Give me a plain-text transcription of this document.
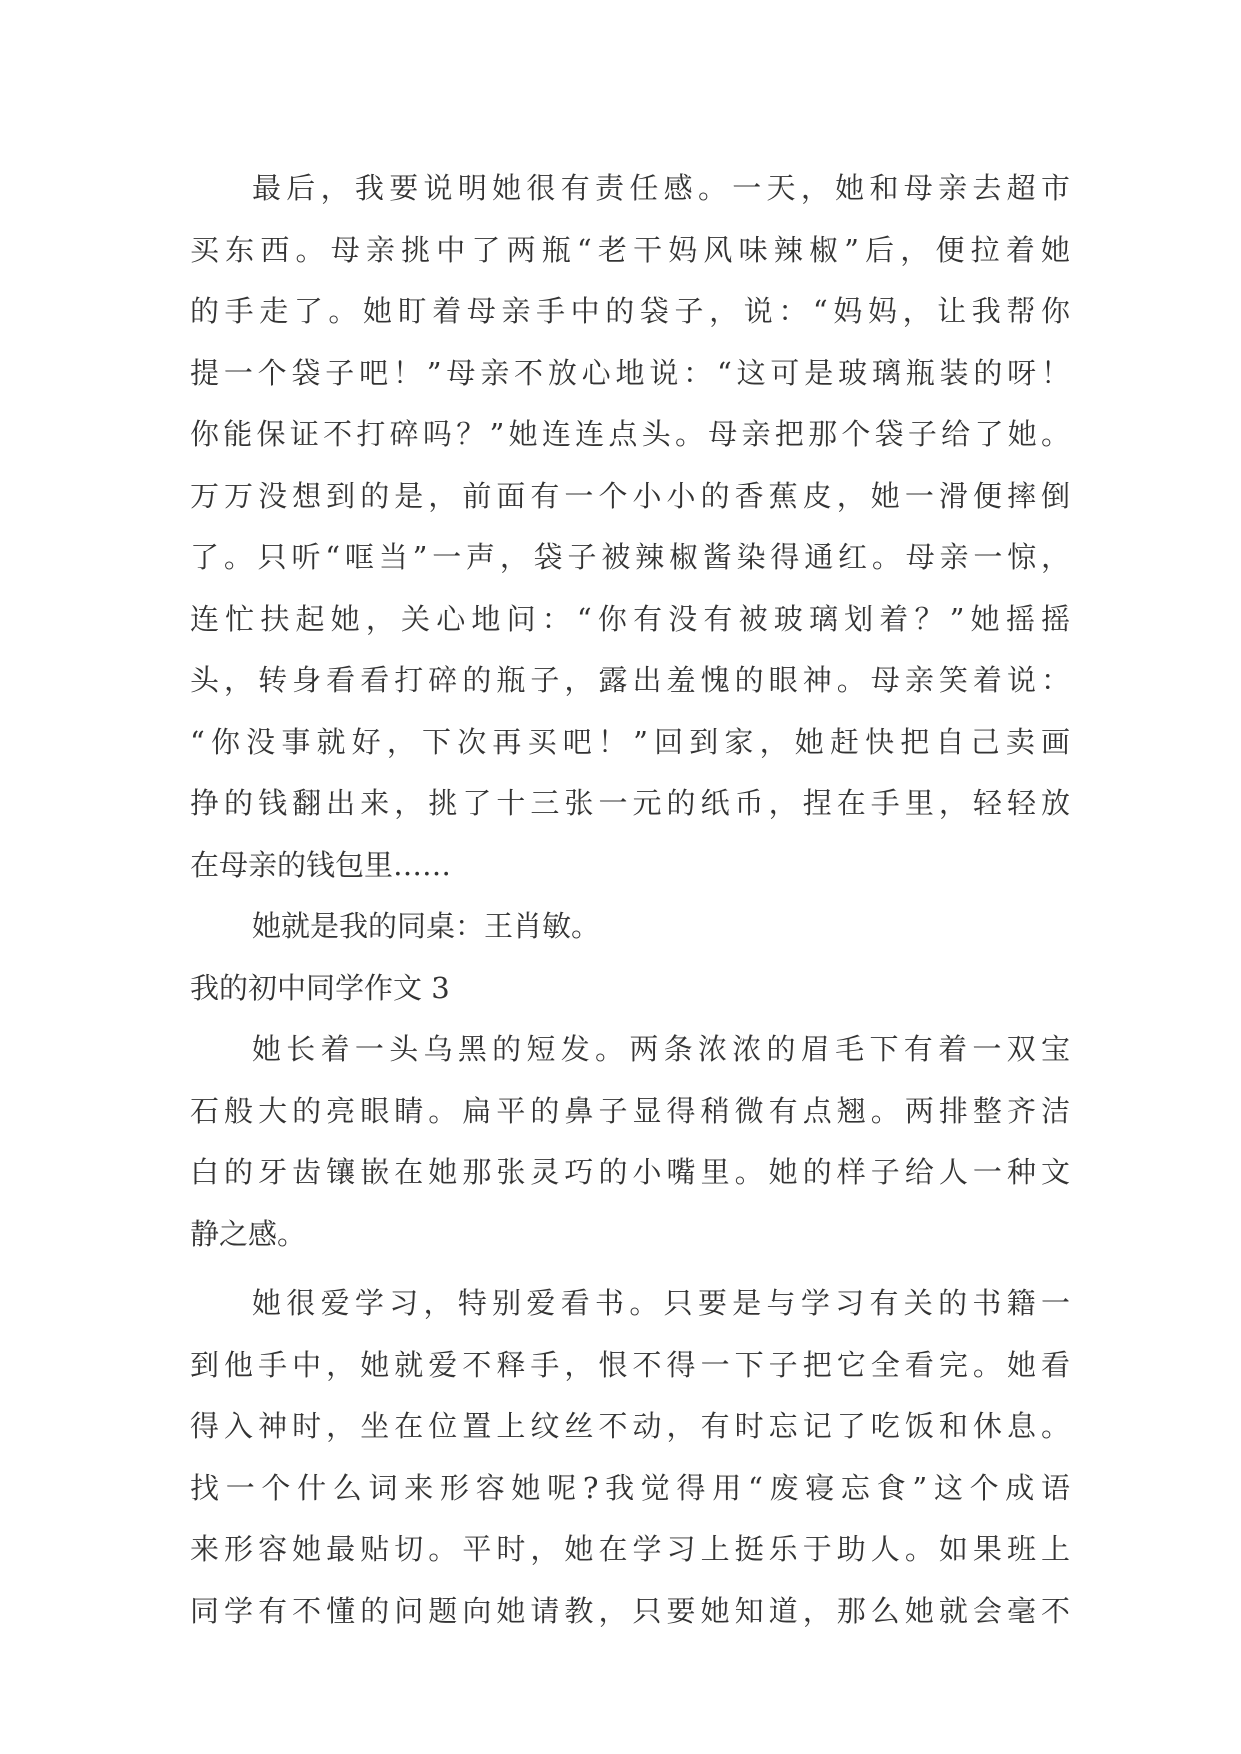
最后，我要说明她很有责任感。一天，她和母亲去超市
买东西。母亲挑中了两瓶“老干妈风味辣椒”后，便拉着她
的手走了。她盯着母亲手中的袋子，说：“妈妈，让我帮你
提一个袋子吧！”母亲不放心地说：“这可是玻璃瓶装的呀！
你能保证不打碎吗？”她连连点头。母亲把那个袋子给了她。
万万没想到的是，前面有一个小小的香蕉皮，她一滑便摔倒
了。只听“哐当”一声，袋子被辣椒酱染得通红。母亲一惊，
连忙扶起她，关心地问：“你有没有被玻璃划着？”她摇摇
头，转身看看打碎的瓶子，露出羞愧的眼神。母亲笑着说：
“你没事就好，下次再买吧！”回到家，她赶快把自己卖画
挣的钱翻出来，挑了十三张一元的纸币，捏在手里，轻轻放
在母亲的钱包里……
她就是我的同桌：王肖敏。
我的初中同学作文 3
她长着一头乌黑的短发。两条浓浓的眉毛下有着一双宝
石般大的亮眼睛。扁平的鼻子显得稍微有点翘。两排整齐洁
白的牙齿镶嵌在她那张灵巧的小嘴里。她的样子给人一种文
静之感。
她很爱学习，特别爱看书。只要是与学习有关的书籍一
到他手中，她就爱不释手，恨不得一下子把它全看完。她看
得入神时，坐在位置上纹丝不动，有时忘记了吃饭和休息。
找一个什么词来形容她呢?我觉得用“废寝忘食”这个成语
来形容她最贴切。平时，她在学习上挺乐于助人。如果班上
同学有不懂的问题向她请教，只要她知道，那么她就会毫不
